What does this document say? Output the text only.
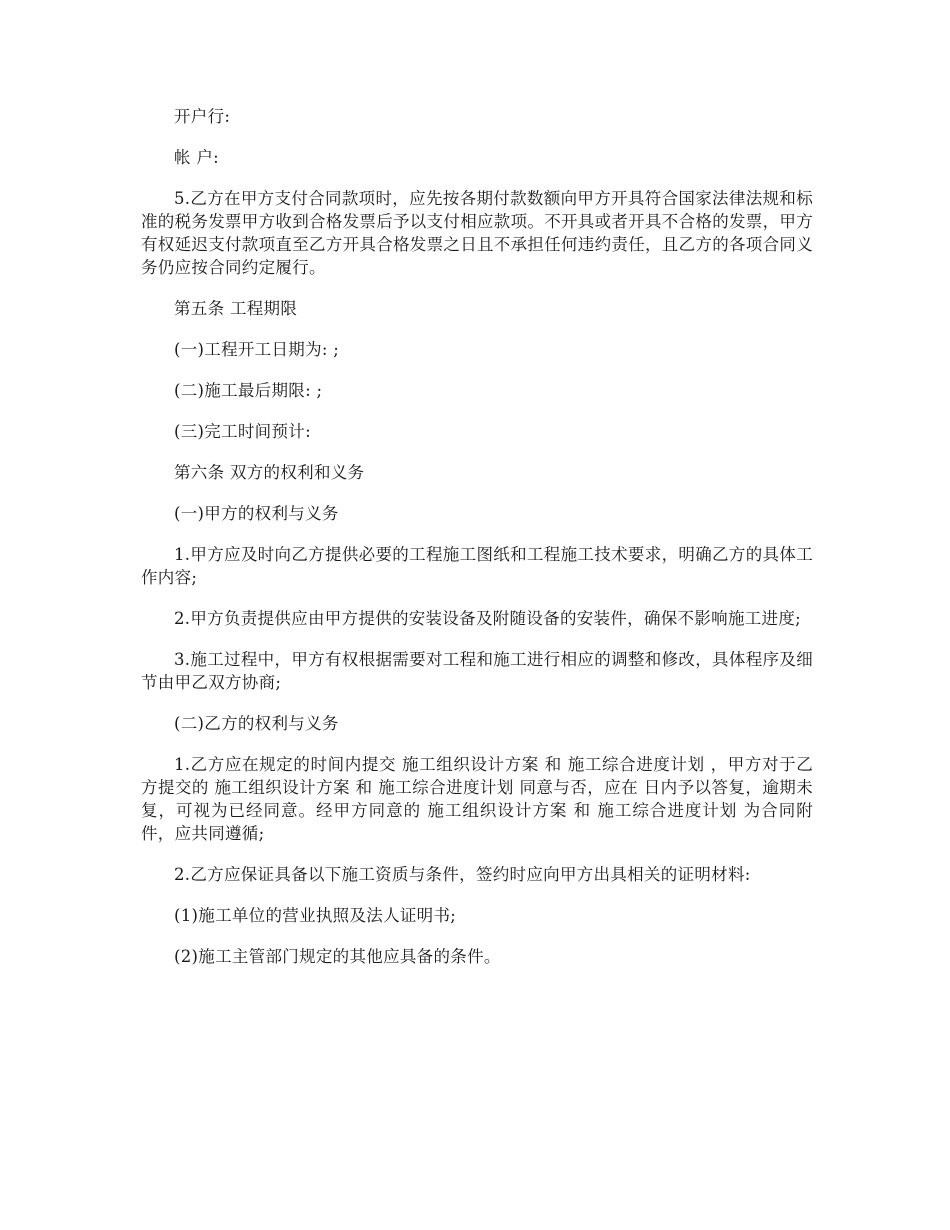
开户行:

帐 户:

5.乙方在甲方支付合同款项时，应先按各期付款数额向甲方开具符合国家法律法规和标准的税务发票甲方收到合格发票后予以支付相应款项。不开具或者开具不合格的发票，甲方有权延迟支付款项直至乙方开具合格发票之日且不承担任何违约责任，且乙方的各项合同义务仍应按合同约定履行。

第五条 工程期限

(一)工程开工日期为: ;

(二)施工最后期限: ;

(三)完工时间预计:

第六条 双方的权利和义务

(一)甲方的权利与义务

1.甲方应及时向乙方提供必要的工程施工图纸和工程施工技术要求，明确乙方的具体工作内容;

2.甲方负责提供应由甲方提供的安装设备及附随设备的安装件，确保不影响施工进度;

3.施工过程中，甲方有权根据需要对工程和施工进行相应的调整和修改，具体程序及细节由甲乙双方协商;

(二)乙方的权利与义务

1.乙方应在规定的时间内提交 施工组织设计方案 和 施工综合进度计划 ，甲方对于乙方提交的 施工组织设计方案 和 施工综合进度计划 同意与否，应在 日内予以答复，逾期未复，可视为已经同意。经甲方同意的 施工组织设计方案 和 施工综合进度计划 为合同附件，应共同遵循;

2.乙方应保证具备以下施工资质与条件，签约时应向甲方出具相关的证明材料:

(1)施工单位的营业执照及法人证明书;

(2)施工主管部门规定的其他应具备的条件。
